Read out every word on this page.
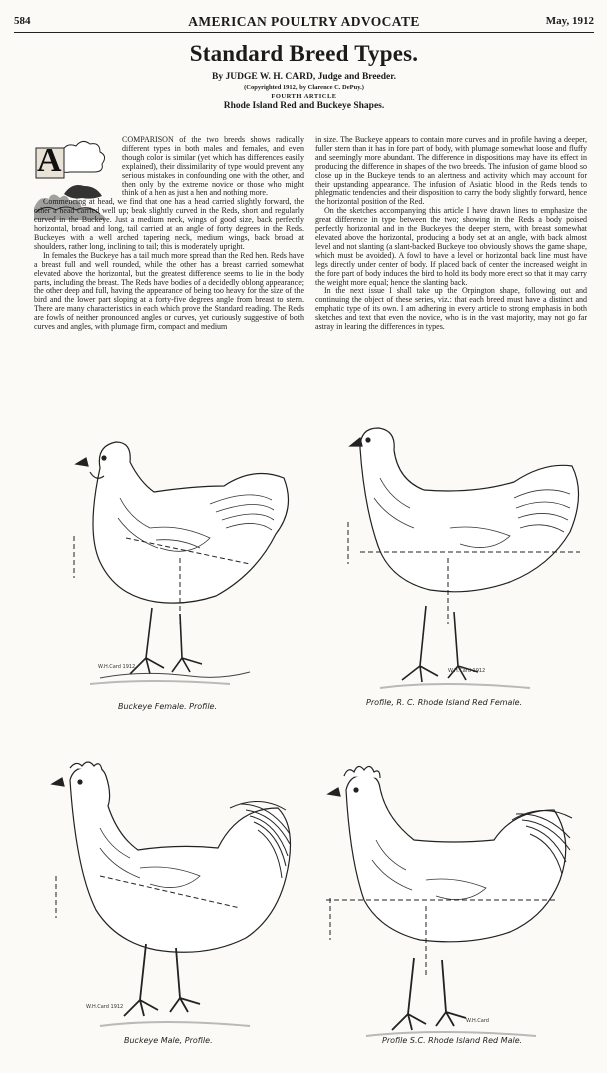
584	AMERICAN POULTRY ADVOCATE	May, 1912
Standard Breed Types.
By JUDGE W. H. CARD, Judge and Breeder.
(Copyrighted 1912, by Clarence C. DePuy.)
FOURTH ARTICLE
Rhode Island Red and Buckeye Shapes.
A

COMPARISON of the two breeds shows radically different types in both males and females, and even though color is similar (yet which has differences easily explained), their dissimilarity of type would prevent any serious mistakes in confounding one with the other, and then only by the extreme novice or those who might think of a hen as just a hen and nothing more.

Commencing at head, we find that one has a head carried slightly forward, the other a head carried well up; beak slightly curved in the Reds, short and regularly curved in the Buckeye. Just a medium neck, wings of good size, back perfectly horizontal, broad and long, tail carried at an angle of forty degrees in the Reds. Buckeyes with a well arched tapering neck, medium wings, back broad at shoulders, rather long, inclining to tail; this is moderately upright.

In females the Buckeye has a tail much more spread than the Red hen. Reds have a breast full and well rounded, while the other has a breast carried somewhat elevated above the horizontal, but the greatest difference seems to lie in the body parts, including the breast. The Reds have bodies of a decidedly oblong appearance; the other deep and full, having the appearance of being too heavy for the size of the bird and the lower part sloping at a forty-five degrees angle from breast to stern. There are many characteristics in each which prove the Standard reading. The Reds are fowls of neither pronounced angles or curves, yet curiously suggestive of both curves and angles, with plumage firm, compact and medium

in size. The Buckeye appears to contain more curves and in profile having a deeper, fuller stern than it has in fore part of body, with plumage somewhat loose and fluffy and seemingly more abundant. The difference in dispositions may have its effect in producing the difference in shapes of the two breeds. The infusion of game blood so close up in the Buckeye tends to an alertness and activity which may account for their upstanding appearance. The infusion of Asiatic blood in the Reds tends to phlegmatic tendencies and their disposition to carry the body slightly forward, hence the horizontal position of the Red.

On the sketches accompanying this article I have drawn lines to emphasize the great difference in type between the two; showing in the Reds a body poised perfectly horizontal and in the Buckeyes the deeper stern, with breast somewhat elevated above the horizontal, producing a body set at an angle, with back almost level and not slanting (a slant-backed Buckeye too obviously shows the game shape, which must be avoided). A fowl to have a level or horizontal back line must have legs directly under center of body. If placed back of center the increased weight in the fore part of body induces the bird to hold its body more erect so that it may carry the weight more equal; hence the slanting back.

In the next issue I shall take up the Orpington shape, following out and continuing the object of these series, viz.: that each breed must have a distinct and emphatic type of its own. I am adhering in every article to strong emphasis in both sketches and text that even the novice, who is in the vast majority, may not go far astray in learing the differences in types.

W.H.Card 1912
Buckeye Female. Profile.
W.H.Card 1912
Profile, R. C. Rhode Island Red Female.
W.H.Card 1912
Buckeye Male, Profile.
W.H.Card
Profile S.C. Rhode Island Red Male.
